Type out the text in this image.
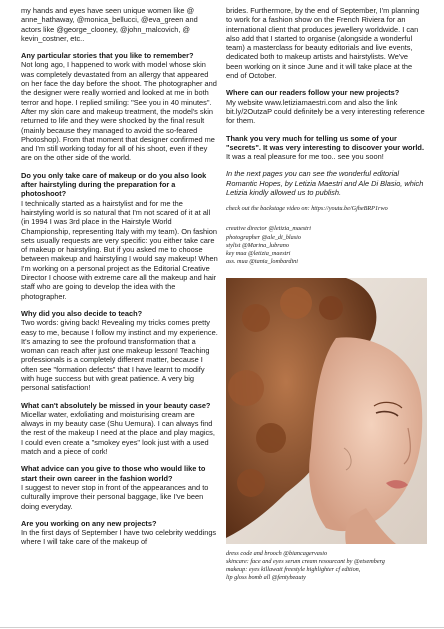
my hands and eyes have seen unique women like @ anne_hathaway, @monica_bellucci, @eva_green and actors like @george_clooney, @john_malcovich, @ kevin_costner, etc..

Any particular stories that you like to remember?

Not long ago, I happened to work with model whose skin was completely devastated from an allergy that appeared on her face the day before the shoot. The photographer and the designer were really worried and looked at me in both terror and hope. I replied smiling: "See you in 40 minutes". After my skin care and makeup treatment, the model's skin returned to life and they were shocked by the final result (mainly because they managed to avoid the so-feared Photoshop). From that moment that designer confirmed me and I'm still working today for all of his shoot, even if they are on the other side of the world.

Do you only take care of makeup or do you also look after hairstyling during the preparation for a photoshoot?

I technically started as a hairstylist and for me the hairstyling world is so natural that I'm not scared of it at all (in 1994 I was 3rd place in the Hairstyle World Championship, representing Italy with my team). On fashion sets usually requests are very specific: you either take care of makeup or hairstyling. But if you asked me to choose between makeup and hairstyling I would say makeup! When I'm working on a personal project as the Editorial Creative Director I choose with extreme care all the makeup and hair staff who are going to develop the idea with the photographer.

Why did you also decide to teach?

Two words: giving back! Revealing my tricks comes pretty easy to me, because I follow my instinct and my experience. It's amazing to see the profound transformation that a woman can reach after just one makeup lesson! Teaching professionals is a completely different matter, because I often see "formation defects" that I have learnt to modify with huge success but with great patience. A very big personal satisfaction!

What can't absolutely be missed in your beauty case?

Micellar water, exfoliating and moisturising cream are always in my beauty case (Shu Uemura). I can always find the rest of the makeup I need at the place and play magics, I could even create a "smokey eyes" look just with a used match and a piece of cork!

What advice can you give to those who would like to start their own career in the fashion world?

I suggest to never stop in front of the appearances and to culturally improve their personal baggage, like I've been doing everyday.

Are you working on any new projects?

In the first days of September I have two celebrity weddings where I will take care of the makeup of

brides. Furthermore, by the end of September, I'm planning to work for a fashion show on the French Riviera for an international client that produces jewellery worldwide. I can also add that I started to organise (alongside a wonderful team) a masterclass for beauty editorials and live events, dedicated both to makeup artists and hairstylists. We've been working on it since June and it will take place at the end of October.

Where can our readers follow your new projects?

My website www.letiziamaestri.com and also the link bit.ly/2OutzaP could definitely be a very interesting reference for them.

Thank you very much for telling us some of your "secrets". It was very interesting to discover your world.

It was a real pleasure for me too.. see you soon!

In the next pages you can see the wonderful editorial Romantic Hopes, by Letizia Maestri and Ale Di Blasio, which Letizia kindly allowed us to publish.

check out the backstage video on: https://youtu.be/GjheBRP1rwo

creative director @letizia_maestri

photographer @ale_di_blasio

stylist @Marina_lubrano

key mua @letizia_maestri

ass. mua @tania_lombardini

dress code and brooch @biancagervasio

skincare: face and eyes serum cream resourcant by @etsemberg

makeup: eyes killawatt freestyle highlighter cf edition,

lip gloss bomb all @fentybeauty
